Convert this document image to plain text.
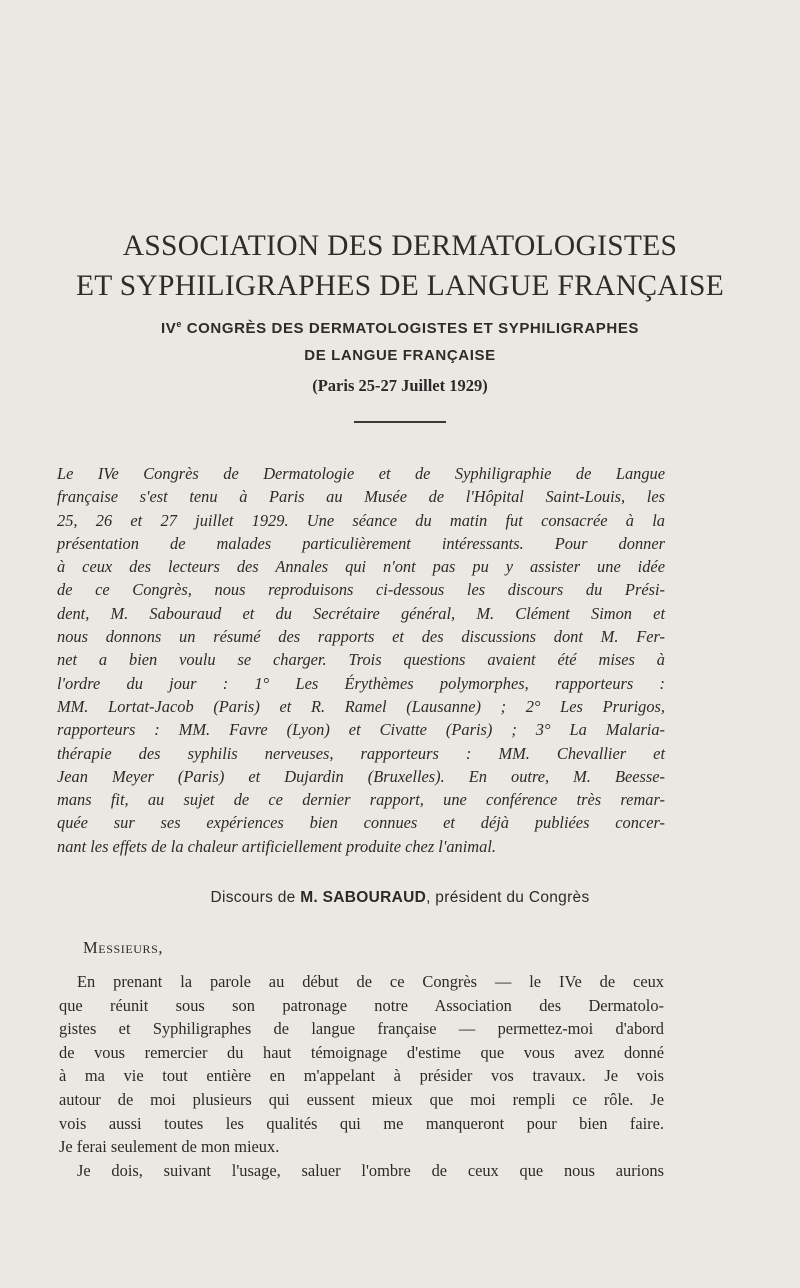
ASSOCIATION DES DERMATOLOGISTES
ET SYPHILIGRAPHES DE LANGUE FRANÇAISE
IVe CONGRÈS DES DERMATOLOGISTES ET SYPHILIGRAPHES
DE LANGUE FRANÇAISE
(Paris 25-27 Juillet 1929)
Le IVe Congrès de Dermatologie et de Syphiligraphie de Langue
française s'est tenu à Paris au Musée de l'Hôpital Saint-Louis, les
25, 26 et 27 juillet 1929. Une séance du matin fut consacrée à la
présentation de malades particulièrement intéressants. Pour donner
à ceux des lecteurs des Annales qui n'ont pas pu y assister une idée
de ce Congrès, nous reproduisons ci-dessous les discours du Prési-
dent, M. Sabouraud et du Secrétaire général, M. Clément Simon et
nous donnons un résumé des rapports et des discussions dont M. Fer-
net a bien voulu se charger. Trois questions avaient été mises à
l'ordre du jour : 1° Les Érythèmes polymorphes, rapporteurs :
MM. Lortat-Jacob (Paris) et R. Ramel (Lausanne) ; 2° Les Prurigos,
rapporteurs : MM. Favre (Lyon) et Civatte (Paris) ; 3° La Malaria-
thérapie des syphilis nerveuses, rapporteurs : MM. Chevallier et
Jean Meyer (Paris) et Dujardin (Bruxelles). En outre, M. Beesse-
mans fit, au sujet de ce dernier rapport, une conférence très remar-
quée sur ses expériences bien connues et déjà publiées concer-
nant les effets de la chaleur artificiellement produite chez l'animal.
Discours de M. SABOURAUD, président du Congrès
Messieurs,
En prenant la parole au début de ce Congrès — le IVe de ceux
que réunit sous son patronage notre Association des Dermatolo-
gistes et Syphiligraphes de langue française — permettez-moi d'abord
de vous remercier du haut témoignage d'estime que vous avez donné
à ma vie tout entière en m'appelant à présider vos travaux. Je vois
autour de moi plusieurs qui eussent mieux que moi rempli ce rôle. Je
vois aussi toutes les qualités qui me manqueront pour bien faire.
Je ferai seulement de mon mieux.
Je dois, suivant l'usage, saluer l'ombre de ceux que nous aurions
